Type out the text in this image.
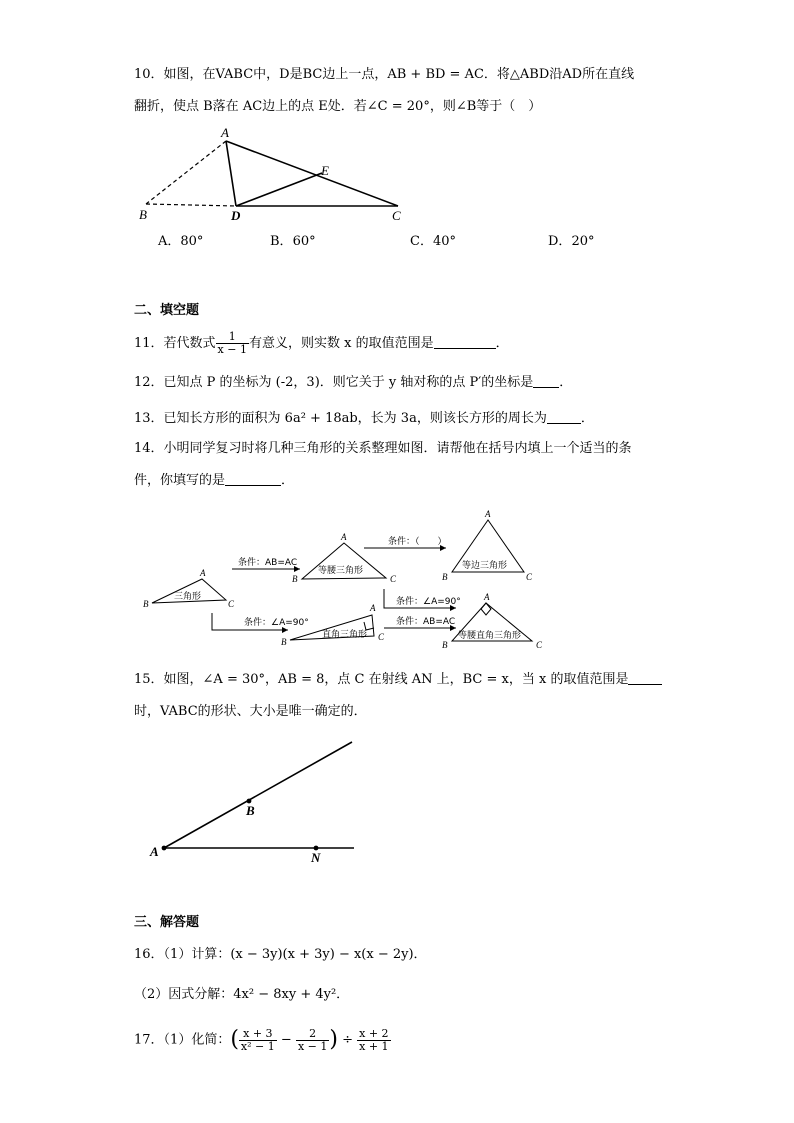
10．如图，在VABC中，D是BC边上一点，AB + BD = AC．将△ABD沿AD所在直线
翻折，使点 B落在 AC边上的点 E处．若∠C = 20°，则∠B等于（　）
A
B	D	C
E
A．80°	B．60°	C．40°	D．20°
二、填空题
11．若代数式 $\frac{1}{x - 1}$ 有意义，则实数 x 的取值范围是	．
12．已知点 P 的坐标为 (-2，3)．则它关于 y 轴对称的点 P′的坐标是 ．
13．已知长方形的面积为 6a² + 18ab，长为 3a，则该长方形的周长为	．
14．小明同学复习时将几种三角形的关系整理如图．请帮他在括号内填上一个适当的条
件，你填写的是	．
三角形
等腰三角形	等边三角形
直角三角形	等腰直角三角形
条件：AB=AC
条件：（　　）
条件：∠A=90°
条件：∠A=90°
条件：AB=AC
A
B	C
A
B	C
A
B	C
A
B	C
A
B	C
15．如图，∠A = 30°，AB = 8，点 C 在射线 AN 上，BC = x，当 x 的取值范围是
时，VABC的形状、大小是唯一确定的．
A
B
N
三、解答题
16．（1）计算：(x − 3y)(x + 3y) − x(x − 2y)．
（2）因式分解：4x² − 8xy + 4y²．
17．（1）化简：( $\frac{x + 3}{\text{x² − 1}} - \frac{2}{x - 1}$ ) ÷ $\frac{x + 2}{x + 1}$
